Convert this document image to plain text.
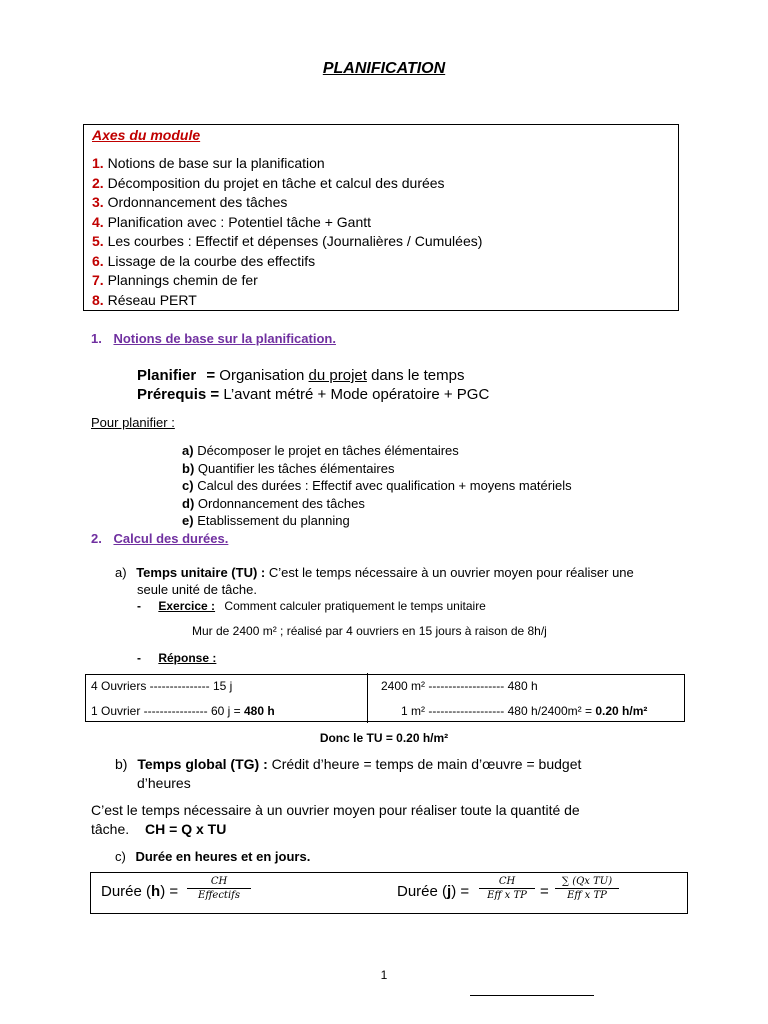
PLANIFICATION
Axes du module
1. Notions de base sur la planification
2. Décomposition du projet en tâche et calcul des durées
3. Ordonnancement des tâches
4. Planification avec : Potentiel tâche + Gantt
5. Les courbes : Effectif et dépenses (Journalières / Cumulées)
6. Lissage de la courbe des effectifs
7. Plannings chemin de fer
8. Réseau PERT
1. Notions de base sur la planification.
Planifier = Organisation du projet dans le temps
Prérequis = L’avant métré + Mode opératoire + PGC
Pour planifier :
a) Décomposer le projet en tâches élémentaires
b) Quantifier les tâches élémentaires
c) Calcul des durées : Effectif avec qualification + moyens matériels
d) Ordonnancement des tâches
e) Etablissement du planning
2. Calcul des durées.
a) Temps unitaire (TU) : C’est le temps nécessaire à un ouvrier moyen pour réaliser une
seule unité de tâche.
- Exercice : Comment calculer pratiquement le temps unitaire
Mur de 2400 m² ; réalisé par 4 ouvriers en 15 jours à raison de 8h/j
- Réponse :
4 Ouvriers --------------- 15 j
1 Ouvrier ---------------- 60 j = 480 h
2400 m² ------------------- 480 h
1 m² ------------------- 480 h/2400m² = 0.20 h/m²
Donc le TU = 0.20 h/m²
b) Temps global (TG) : Crédit d’heure = temps de main d’œuvre = budget
d’heures
C’est le temps nécessaire à un ouvrier moyen pour réaliser toute la quantité de
tâche. CH = Q x TU
c) Durée en heures et en jours.
Durée (h) =
CH
Effectifs	Durée (j) =
CH
Eff x TP =
∑ (Qx TU)
Eff x TP
1
